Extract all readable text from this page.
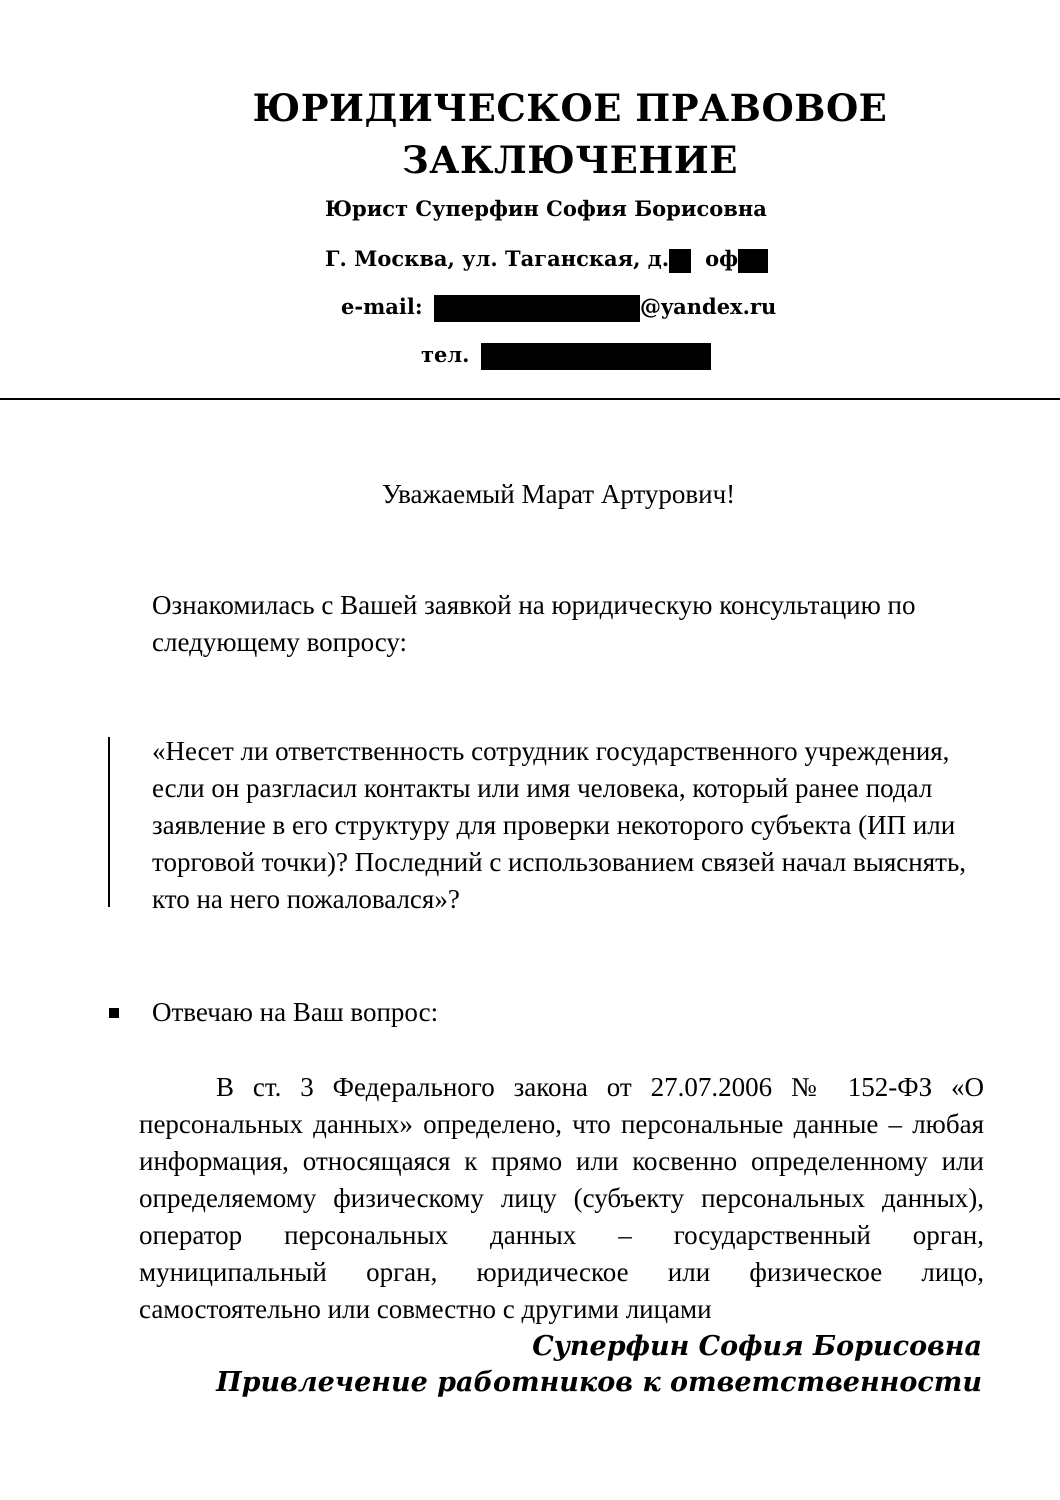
ЮРИДИЧЕСКОЕ ПРАВОВОЕ ЗАКЛЮЧЕНИЕ
Юрист Суперфин София Борисовна
Г. Москва, ул. Таганская, д. оф
e-mail:	@yandex.ru
тел.
Уважаемый Марат Артурович!
Ознакомилась с Вашей заявкой на юридическую консультацию по следующему вопросу:
«Несет ли ответственность сотрудник государственного учреждения, если он разгласил контакты или имя человека, который ранее подал заявление в его структуру для проверки некоторого субъекта (ИП или торговой точки)? Последний с использованием связей начал выяснять, кто на него пожаловался»?
Отвечаю на Ваш вопрос:
В ст. 3 Федерального закона от 27.07.2006 № 152-ФЗ «О персональных данных» определено, что персональные данные – любая информация, относящаяся к прямо или косвенно определенному или определяемому физическому лицу (субъекту персональных данных), оператор персональных данных – государственный орган, муниципальный орган, юридическое или физическое лицо, самостоятельно или совместно с другими лицами
Суперфин София Борисовна
Привлечение работников к ответственности
